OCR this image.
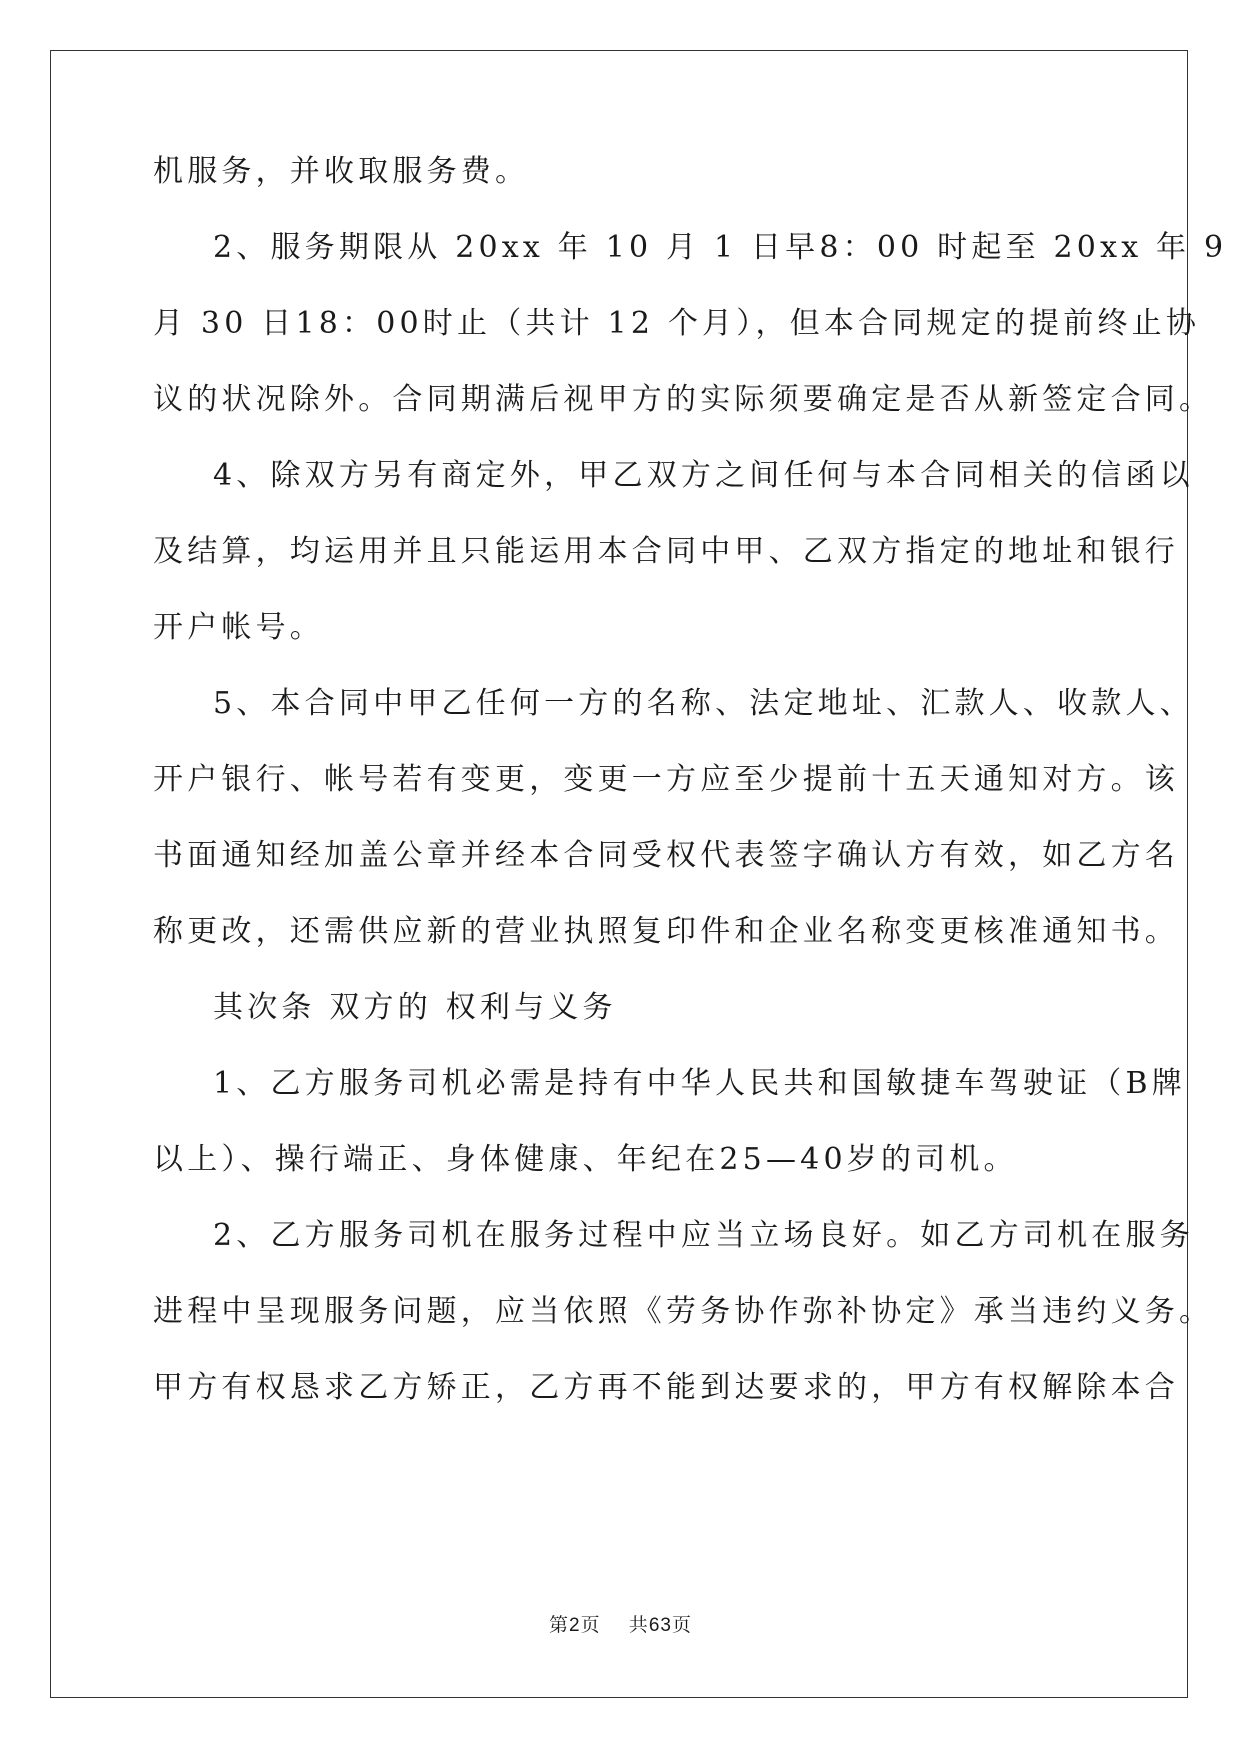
机服务，并收取服务费。
2、服务期限从 20xx 年 10 月 1 日早8：00 时起至 20xx 年 9
月 30 日18：00时止（共计 12 个月），但本合同规定的提前终止协
议的状况除外。合同期满后视甲方的实际须要确定是否从新签定合同。
4、除双方另有商定外，甲乙双方之间任何与本合同相关的信函以
及结算，均运用并且只能运用本合同中甲、乙双方指定的地址和银行
开户帐号。
5、本合同中甲乙任何一方的名称、法定地址、汇款人、收款人、
开户银行、帐号若有变更，变更一方应至少提前十五天通知对方。该
书面通知经加盖公章并经本合同受权代表签字确认方有效，如乙方名
称更改，还需供应新的营业执照复印件和企业名称变更核准通知书。
其次条 双方的 权利与义务
1、乙方服务司机必需是持有中华人民共和国敏捷车驾驶证（B牌
以上）、操行端正、身体健康、年纪在25—40岁的司机。
2、乙方服务司机在服务过程中应当立场良好。如乙方司机在服务
进程中呈现服务问题，应当依照《劳务协作弥补协定》承当违约义务。
甲方有权恳求乙方矫正，乙方再不能到达要求的，甲方有权解除本合
第2页 共63页
